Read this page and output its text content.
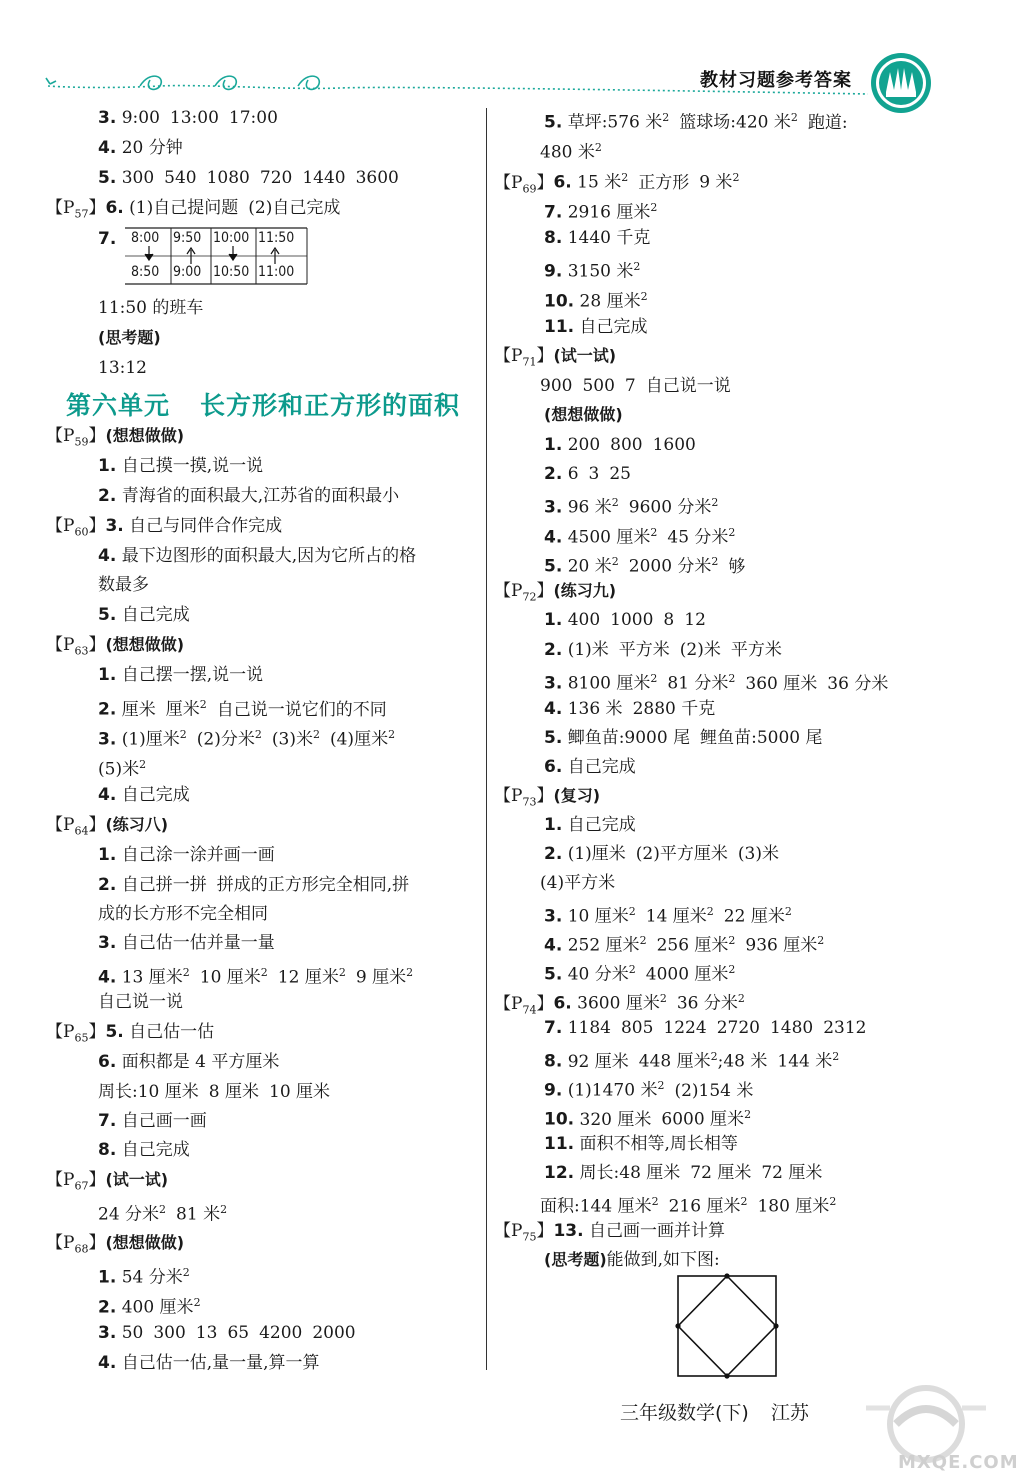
教材习题参考答案
3. 9:00 13:00 17:00
4. 20 分钟
5. 300 540 1080 720 1440 3600
【$P_{57}$】6. (1)自己提问题 (2)自己完成
7.
11:50 的班车
(思考题)
13:12
【$P_{59}$】(想想做做)
1. 自己摸一摸,说一说
2. 青海省的面积最大,江苏省的面积最小
【$P_{60}$】3. 自己与同伴合作完成
4. 最下边图形的面积最大,因为它所占的格
数最多
5. 自己完成
【$P_{63}$】(想想做做)
1. 自己摆一摆,说一说
2. 厘米 厘米$^2$ 自己说一说它们的不同
3. (1)厘米$^2$ (2)分米$^2$ (3)米$^2$ (4)厘米$^2$
(5)米$^2$
4. 自己完成
【$P_{64}$】(练习八)
1. 自己涂一涂并画一画
2. 自己拼一拼 拼成的正方形完全相同,拼
成的长方形不完全相同
3. 自己估一估并量一量
4. 13 厘米$^2$ 10 厘米$^2$ 12 厘米$^2$ 9 厘米$^2$
自己说一说
【$P_{65}$】5. 自己估一估
6. 面积都是 4 平方厘米
周长:10 厘米 8 厘米 10 厘米
7. 自己画一画
8. 自己完成
【$P_{67}$】(试一试)
24 分米$^2$ 81 米$^2$
【$P_{68}$】(想想做做)
1. 54 分米$^2$
2. 400 厘米$^2$
3. 50 300 13 65 4200 2000
4. 自己估一估,量一量,算一算
5. 草坪:576 米$^2$ 篮球场:420 米$^2$ 跑道:
480 米$^2$
【$P_{69}$】6. 15 米$^2$ 正方形 9 米$^2$
7. 2916 厘米$^2$
8. 1440 千克
9. 3150 米$^2$
10. 28 厘米$^2$
11. 自己完成
【$P_{71}$】(试一试)
900 500 7 自己说一说
(想想做做)
1. 200 800 1600
2. 6 3 25
3. 96 米$^2$ 9600 分米$^2$
4. 4500 厘米$^2$ 45 分米$^2$
5. 20 米$^2$ 2000 分米$^2$ 够
【$P_{72}$】(练习九)
1. 400 1000 8 12
2. (1)米 平方米 (2)米 平方米
3. 8100 厘米$^2$ 81 分米$^2$ 360 厘米 36 分米
4. 136 米 2880 千克
5. 鲫鱼苗:9000 尾 鲤鱼苗:5000 尾
6. 自己完成
【$P_{73}$】(复习)
1. 自己完成
2. (1)厘米 (2)平方厘米 (3)米
(4)平方米
3. 10 厘米$^2$ 14 厘米$^2$ 22 厘米$^2$
4. 252 厘米$^2$ 256 厘米$^2$ 936 厘米$^2$
5. 40 分米$^2$ 4000 厘米$^2$
【$P_{74}$】6. 3600 厘米$^2$ 36 分米$^2$
7. 1184 805 1224 2720 1480 2312
8. 92 厘米 448 厘米$^2$;48 米 144 米$^2$
9. (1)1470 米$^2$ (2)154 米
10. 320 厘米 6000 厘米$^2$
11. 面积不相等,周长相等
12. 周长:48 厘米 72 厘米 72 厘米
面积:144 厘米$^2$ 216 厘米$^2$ 180 厘米$^2$
【$P_{75}$】13. 自己画一画并计算
(思考题)能做到,如下图:
第六单元 长方形和正方形的面积
8:00 9:50 10:00 11:50
8:50 9:00 10:50 11:00
三年级数学(下) 江苏
MXQE.COM
